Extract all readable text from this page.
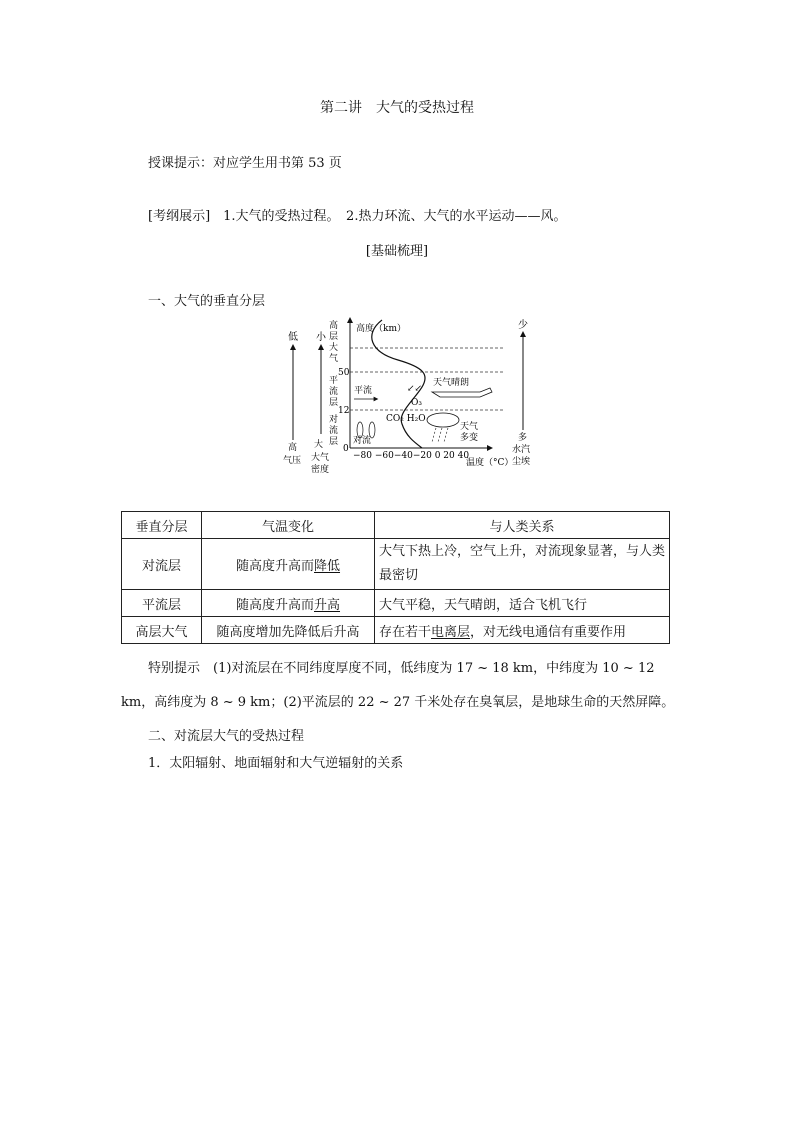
第二讲　大气的受热过程
授课提示：对应学生用书第 53 页
[考纲展示]　1.大气的受热过程。　2.热力环流、大气的水平运动——风。
[基础梳理]
一、大气的垂直分层
低
高
气压
小
大
大气
密度
高
层
大
气
平
流
层
对
流
层
高度（km）
50
12
0
−80 −60−40−20 0 20 40
温度（°C）
平流
天气晴朗
↙↙
O₃
CO₂ H₂O
天气
多变
对流
少
多
水汽
尘埃
垂直分层	气温变化	与人类关系
对流层	随高度升高而降低	大气下热上冷，空气上升，对流现象显著，与人类最密切
平流层	随高度升高而升高	大气平稳，天气晴朗，适合飞机飞行
高层大气	随高度增加先降低后升高	存在若干电离层，对无线电通信有重要作用
特别提示　(1)对流层在不同纬度厚度不同，低纬度为 17 ~ 18 km，中纬度为 10 ~ 12
km，高纬度为 8 ~ 9 km；(2)平流层的 22 ~ 27 千米处存在臭氧层，是地球生命的天然屏障。
二、对流层大气的受热过程
1．太阳辐射、地面辐射和大气逆辐射的关系
